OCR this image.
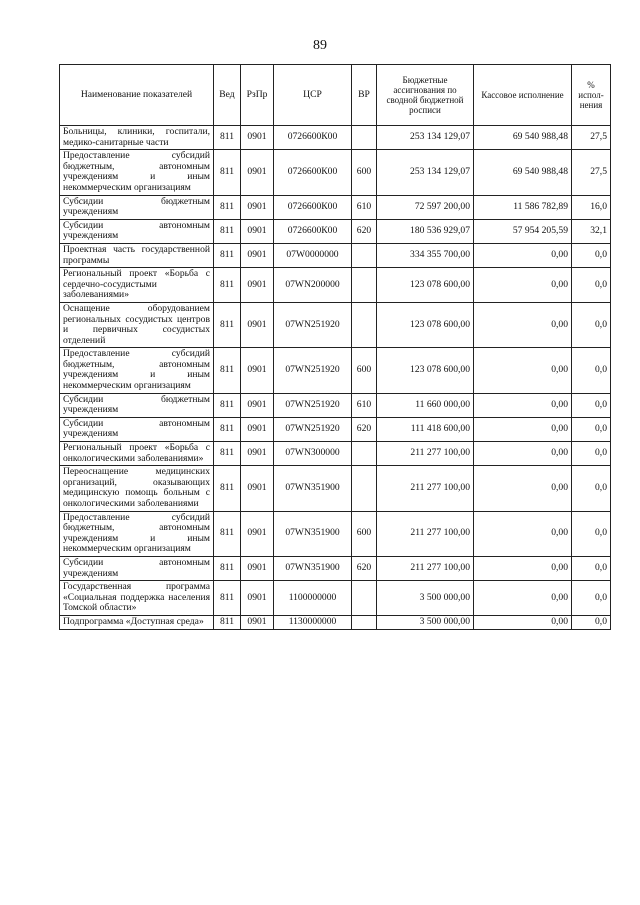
89
Наименование показателей	Вед	РзПр	ЦСР	ВР	Бюджетные ассигнования по сводной бюджетной росписи	Кассовое исполнение	% испол-нения
Больницы, клиники, госпитали, медико-санитарные части	811	0901	0726600К00		253 134 129,07	69 540 988,48	27,5
Предоставление субсидий бюджетным, автономным учреждениям и иным некоммерческим организациям	811	0901	0726600К00	600	253 134 129,07	69 540 988,48	27,5
Субсидии бюджетным учреждениям	811	0901	0726600К00	610	72 597 200,00	11 586 782,89	16,0
Субсидии автономным учреждениям	811	0901	0726600К00	620	180 536 929,07	57 954 205,59	32,1
Проектная часть государственной программы	811	0901	07W0000000		334 355 700,00	0,00	0,0
Региональный проект «Борьба с сердечно-сосудистыми заболеваниями»	811	0901	07WN200000		123 078 600,00	0,00	0,0
Оснащение оборудованием региональных сосудистых центров и первичных сосудистых отделений	811	0901	07WN251920		123 078 600,00	0,00	0,0
Предоставление субсидий бюджетным, автономным учреждениям и иным некоммерческим организациям	811	0901	07WN251920	600	123 078 600,00	0,00	0,0
Субсидии бюджетным учреждениям	811	0901	07WN251920	610	11 660 000,00	0,00	0,0
Субсидии автономным учреждениям	811	0901	07WN251920	620	111 418 600,00	0,00	0,0
Региональный проект «Борьба с онкологическими заболеваниями»	811	0901	07WN300000		211 277 100,00	0,00	0,0
Переоснащение медицинских организаций, оказывающих медицинскую помощь больным с онкологическими заболеваниями	811	0901	07WN351900		211 277 100,00	0,00	0,0
Предоставление субсидий бюджетным, автономным учреждениям и иным некоммерческим организациям	811	0901	07WN351900	600	211 277 100,00	0,00	0,0
Субсидии автономным учреждениям	811	0901	07WN351900	620	211 277 100,00	0,00	0,0
Государственная программа «Социальная поддержка населения Томской области»	811	0901	1100000000		3 500 000,00	0,00	0,0
Подпрограмма «Доступная среда»	811	0901	1130000000		3 500 000,00	0,00	0,0
